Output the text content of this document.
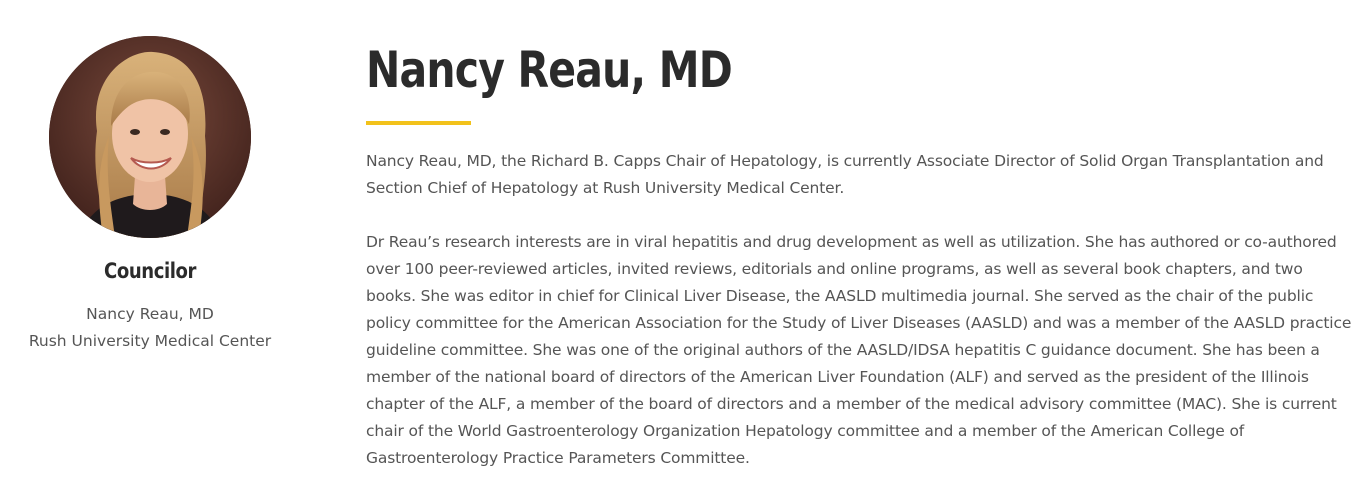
Councilor
Nancy Reau, MD
Rush University Medical Center
Nancy Reau, MD

Nancy Reau, MD, the Richard B. Capps Chair of Hepatology, is currently Associate Director of Solid Organ Transplantation and Section Chief of Hepatology at Rush University Medical Center.

Dr Reau’s research interests are in viral hepatitis and drug development as well as utilization. She has authored or co-authored over 100 peer-reviewed articles, invited reviews, editorials and online programs, as well as several book chapters, and two books. She was editor in chief for Clinical Liver Disease, the AASLD multimedia journal. She served as the chair of the public policy committee for the American Association for the Study of Liver Diseases (AASLD) and was a member of the AASLD practice guideline committee. She was one of the original authors of the AASLD/IDSA hepatitis C guidance document. She has been a member of the national board of directors of the American Liver Foundation (ALF) and served as the president of the Illinois chapter of the ALF, a member of the board of directors and a member of the medical advisory committee (MAC). She is current chair of the World Gastroenterology Organization Hepatology committee and a member of the American College of Gastroenterology Practice Parameters Committee.
